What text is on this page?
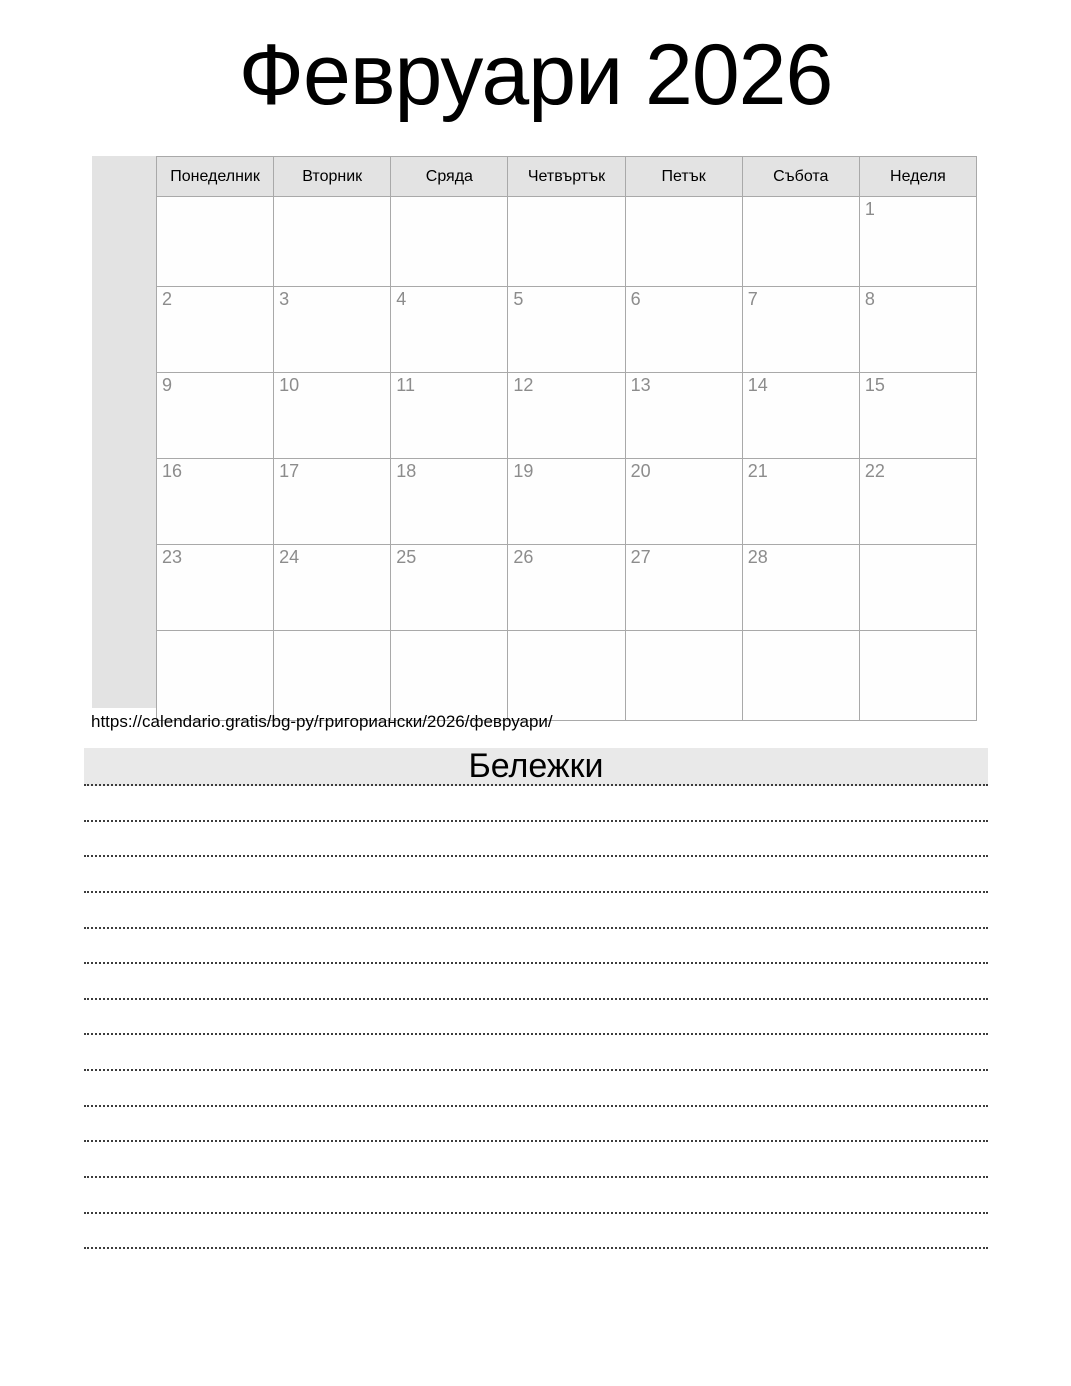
Февруари 2026
Понеделник	Вторник	Сряда	Четвъртък	Петък	Събота	Неделя
						1
2	3	4	5	6	7	8
9	10	11	12	13	14	15
16	17	18	19	20	21	22
23	24	25	26	27	28	

https://calendario.gratis/bg-ру/григориански/2026/февруари/
Бележки
